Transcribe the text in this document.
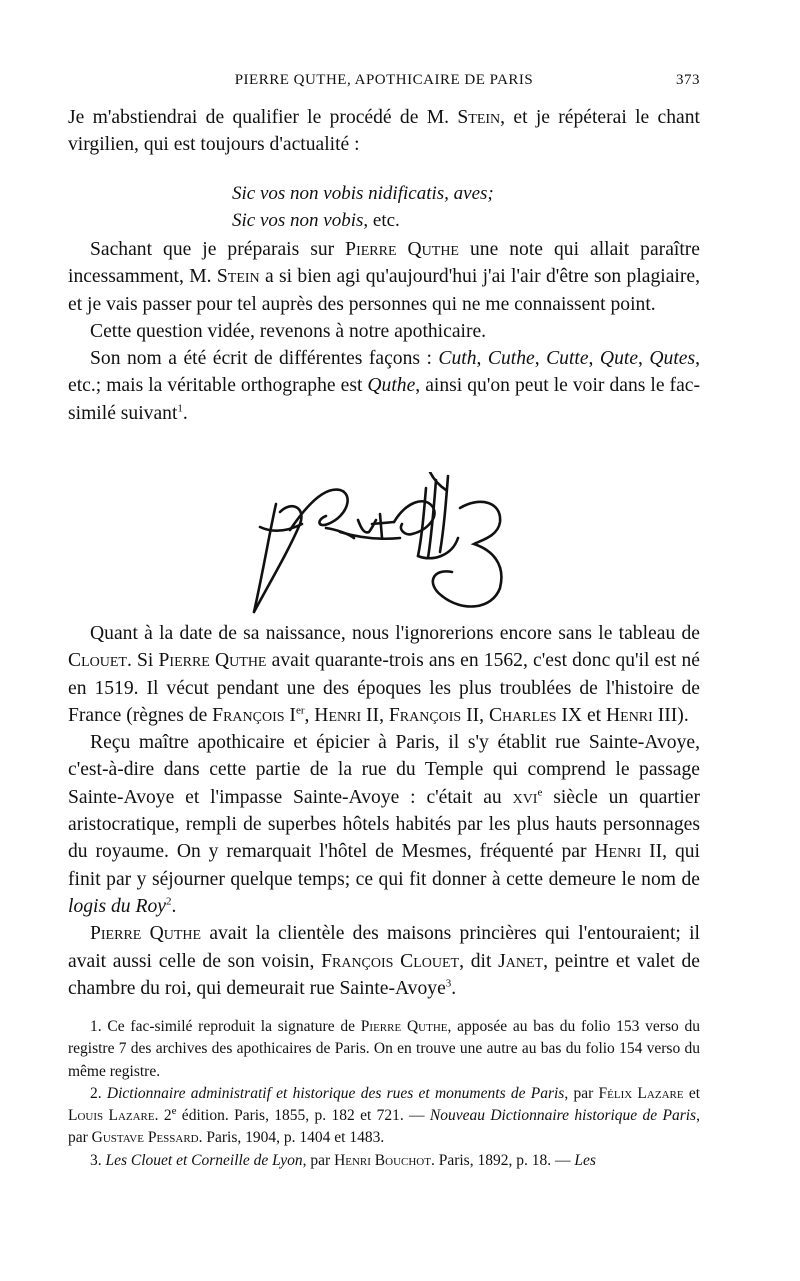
PIERRE QUTHE, APOTHICAIRE DE PARIS	373

Je m'abstiendrai de qualifier le procédé de M. Stein, et je répéterai le chant virgilien, qui est toujours d'actualité :

Sic vos non vobis nidificatis, aves;
Sic vos non vobis, etc.

Sachant que je préparais sur Pierre Quthe une note qui allait paraître incessamment, M. Stein a si bien agi qu'aujourd'hui j'ai l'air d'être son plagiaire, et je vais passer pour tel auprès des personnes qui ne me connaissent point.

Cette question vidée, revenons à notre apothicaire.

Son nom a été écrit de différentes façons : Cuth, Cuthe, Cutte, Qute, Qutes, etc.; mais la véritable orthographe est Quthe, ainsi qu'on peut le voir dans le fac-similé suivant$^1$.

Quant à la date de sa naissance, nous l'ignorerions encore sans le tableau de Clouet. Si Pierre Quthe avait quarante-trois ans en 1562, c'est donc qu'il est né en 1519. Il vécut pendant une des époques les plus troublées de l'histoire de France (règnes de François Ier, Henri II, François II, Charles IX et Henri III).

Reçu maître apothicaire et épicier à Paris, il s'y établit rue Sainte-Avoye, c'est-à-dire dans cette partie de la rue du Temple qui comprend le passage Sainte-Avoye et l'impasse Sainte-Avoye : c'était au xvi$^e$ siècle un quartier aristocratique, rempli de superbes hôtels habités par les plus hauts personnages du royaume. On y remarquait l'hôtel de Mesmes, fréquenté par Henri II, qui finit par y séjourner quelque temps; ce qui fit donner à cette demeure le nom de logis du Roy$^2$.

Pierre Quthe avait la clientèle des maisons princières qui l'entouraient; il avait aussi celle de son voisin, François Clouet, dit Janet, peintre et valet de chambre du roi, qui demeurait rue Sainte-Avoye$^3$.

1. Ce fac-similé reproduit la signature de Pierre Quthe, apposée au bas du folio 153 verso du registre 7 des archives des apothicaires de Paris. On en trouve une autre au bas du folio 154 verso du même registre.

2. Dictionnaire administratif et historique des rues et monuments de Paris, par Félix Lazare et Louis Lazare. 2e édition. Paris, 1855, p. 182 et 721. — Nouveau Dictionnaire historique de Paris, par Gustave Pessard. Paris, 1904, p. 1404 et 1483.

3. Les Clouet et Corneille de Lyon, par Henri Bouchot. Paris, 1892, p. 18. — Les
